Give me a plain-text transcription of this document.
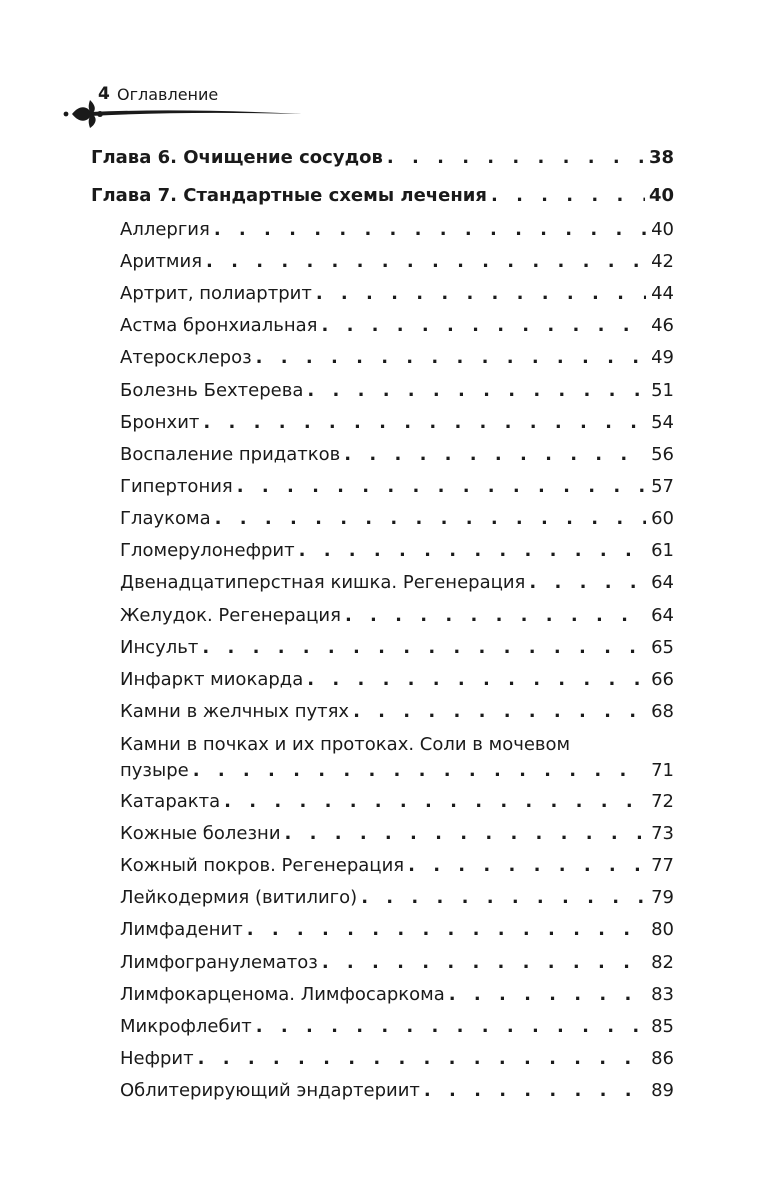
4 Оглавление
Глава 6. Очищение сосудов . . .	38
Глава 7. Стандартные схемы лечения . . .	40
Аллергия . . .	40
Аритмия . . .	42
Артрит, полиартрит . . .	44
Астма бронхиальная . . .	46
Атеросклероз . . .	49
Болезнь Бехтерева . . .	51
Бронхит . . .	54
Воспаление придатков . . .	56
Гипертония . . .	57
Глаукома . . .	60
Гломерулонефрит . . .	61
Двенадцатиперстная кишка. Регенерация . . .	64
Желудок. Регенерация . . .	64
Инсульт . . .	65
Инфаркт миокарда . . .	66
Камни в желчных путях . . .	68
Камни в почках и их протоках. Соли в мочевом
пузыре . . .	71
Катаракта . . .	72
Кожные болезни . . .	73
Кожный покров. Регенерация . . .	77
Лейкодермия (витилиго) . . .	79
Лимфаденит . . .	80
Лимфогранулематоз . . .	82
Лимфокарценома. Лимфосаркома . . .	83
Микрофлебит . . .	85
Нефрит . . .	86
Облитерирующий эндартериит . . .	89
